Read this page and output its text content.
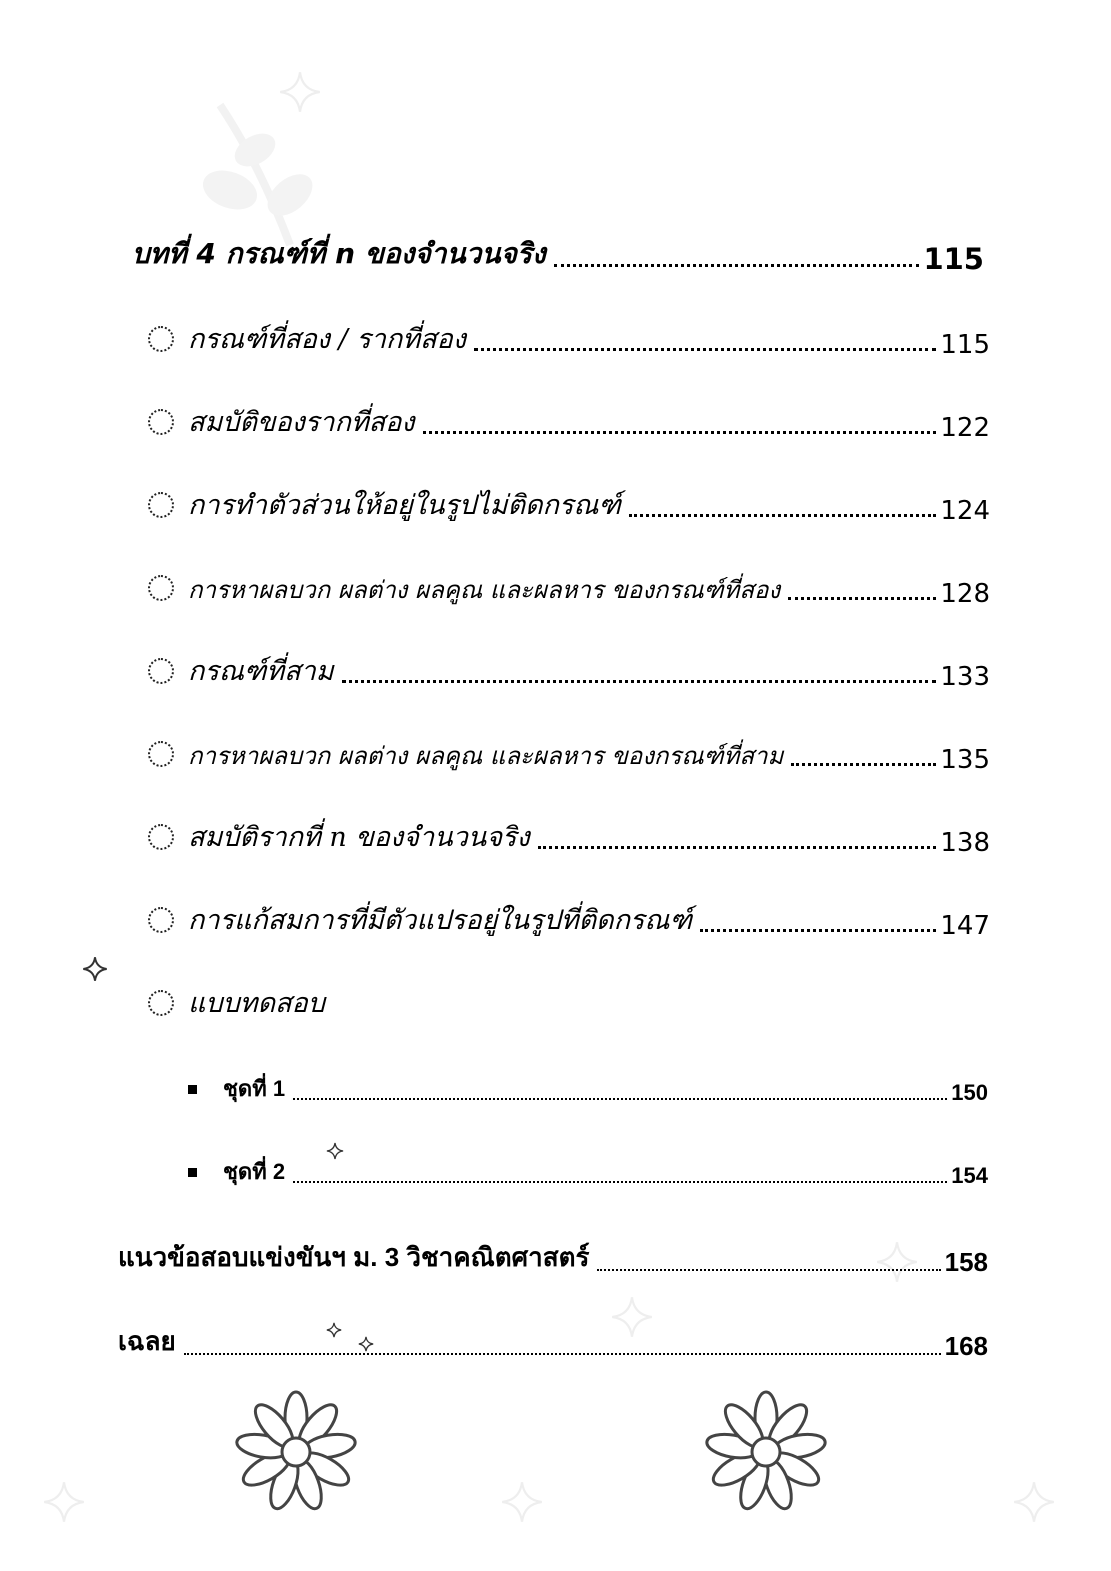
บทที่ 4 กรณฑ์ที่ n ของจำนวนจริง	115
กรณฑ์ที่สอง / รากที่สอง	115
สมบัติของรากที่สอง	122
การทำตัวส่วนให้อยู่ในรูปไม่ติดกรณฑ์	124
การหาผลบวก ผลต่าง ผลคูณ และผลหาร ของกรณฑ์ที่สอง	128
กรณฑ์ที่สาม	133
การหาผลบวก ผลต่าง ผลคูณ และผลหาร ของกรณฑ์ที่สาม	135
สมบัติรากที่ n ของจำนวนจริง	138
การแก้สมการที่มีตัวแปรอยู่ในรูปที่ติดกรณฑ์	147
แบบทดสอบ
ชุดที่ 1	150
ชุดที่ 2	154
แนวข้อสอบแข่งขันฯ ม. 3 วิชาคณิตศาสตร์	158
เฉลย	168
